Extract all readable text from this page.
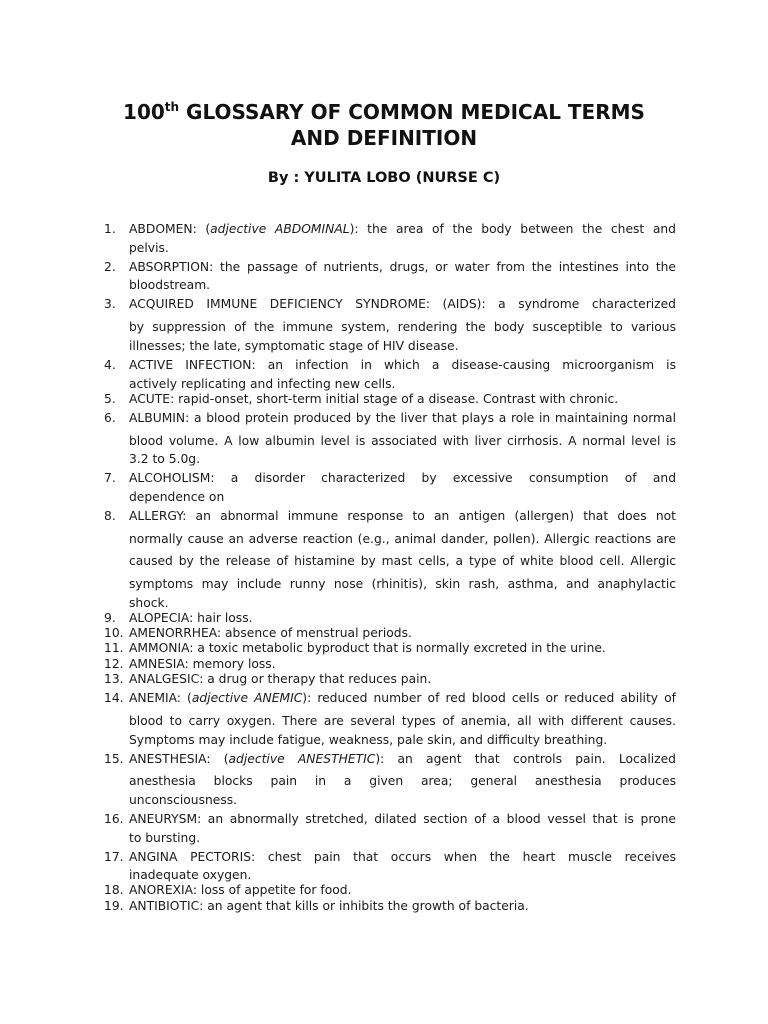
100th GLOSSARY OF COMMON MEDICAL TERMS
AND DEFINITION
By : YULITA LOBO (NURSE C)
1.	ABDOMEN: (adjective ABDOMINAL): the area of the body between the chest and
pelvis.
2.	ABSORPTION: the passage of nutrients, drugs, or water from the intestines into the
bloodstream.
3.	ACQUIRED IMMUNE DEFICIENCY SYNDROME: (AIDS): a syndrome characterized
by suppression of the immune system, rendering the body susceptible to various
illnesses; the late, symptomatic stage of HIV disease.
4.	ACTIVE INFECTION: an infection in which a disease-causing microorganism is
actively replicating and infecting new cells.
5.	ACUTE: rapid-onset, short-term initial stage of a disease. Contrast with chronic.
6.	ALBUMIN: a blood protein produced by the liver that plays a role in maintaining normal
blood volume. A low albumin level is associated with liver cirrhosis. A normal level is
3.2 to 5.0g.
7.	ALCOHOLISM: a disorder characterized by excessive consumption of and
dependence on
8.	ALLERGY: an abnormal immune response to an antigen (allergen) that does not
normally cause an adverse reaction (e.g., animal dander, pollen). Allergic reactions are
caused by the release of histamine by mast cells, a type of white blood cell. Allergic
symptoms may include runny nose (rhinitis), skin rash, asthma, and anaphylactic
shock.
9.	ALOPECIA: hair loss.
10. AMENORRHEA: absence of menstrual periods.
11. AMMONIA: a toxic metabolic byproduct that is normally excreted in the urine.
12. AMNESIA: memory loss.
13. ANALGESIC: a drug or therapy that reduces pain.
14. ANEMIA: (adjective ANEMIC): reduced number of red blood cells or reduced ability of
blood to carry oxygen. There are several types of anemia, all with different causes.
Symptoms may include fatigue, weakness, pale skin, and difficulty breathing.
15. ANESTHESIA: (adjective ANESTHETIC): an agent that controls pain. Localized
anesthesia blocks pain in a given area; general anesthesia produces
unconsciousness.
16. ANEURYSM: an abnormally stretched, dilated section of a blood vessel that is prone
to bursting.
17. ANGINA PECTORIS: chest pain that occurs when the heart muscle receives
inadequate oxygen.
18. ANOREXIA: loss of appetite for food.
19. ANTIBIOTIC: an agent that kills or inhibits the growth of bacteria.
